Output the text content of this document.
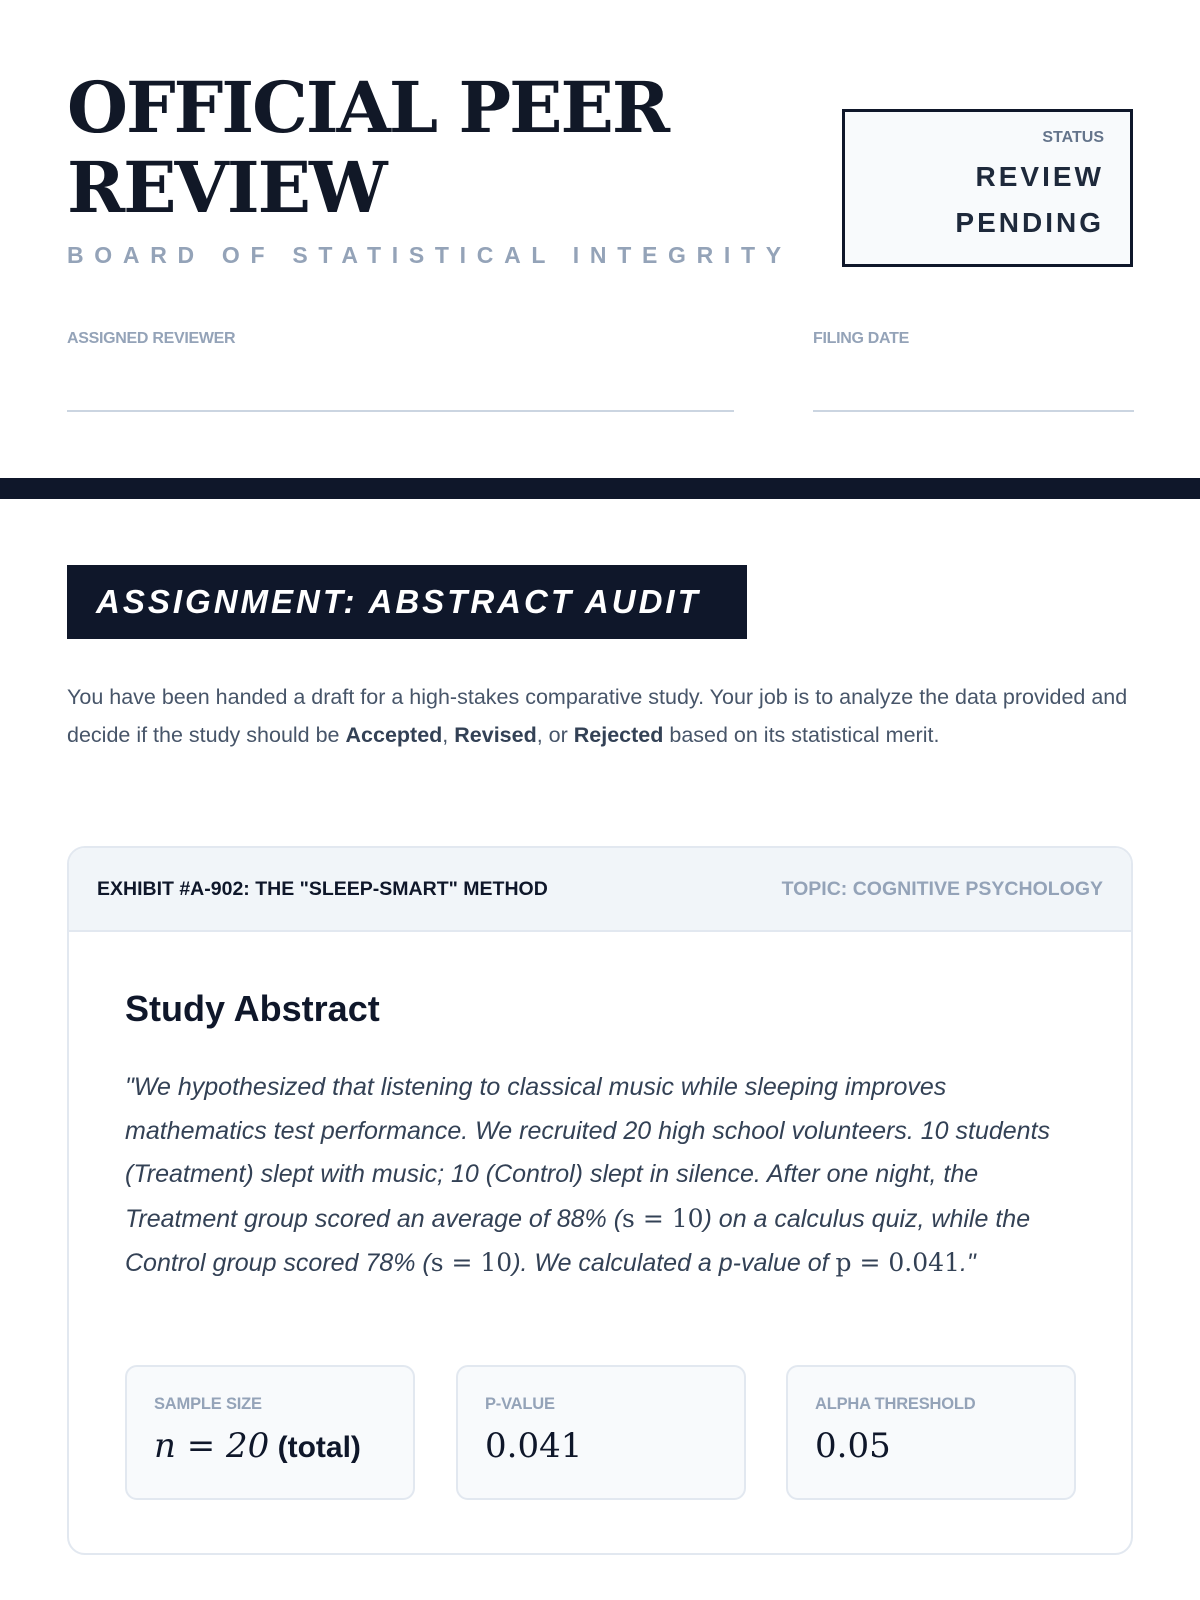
OFFICIAL PEER
REVIEW
BOARD OF STATISTICAL INTEGRITY
STATUS
REVIEW
PENDING
ASSIGNED REVIEWER	FILING DATE
ASSIGNMENT: ABSTRACT AUDIT

You have been handed a draft for a high-stakes comparative study. Your job is to analyze the data provided and decide if the study should be Accepted, Revised, or Rejected based on its statistical merit.

EXHIBIT #A-902: THE "SLEEP-SMART" METHOD	TOPIC: COGNITIVE PSYCHOLOGY
Study Abstract

"We hypothesized that listening to classical music while sleeping improves mathematics test performance. We recruited 20 high school volunteers. 10 students (Treatment) slept with music; 10 (Control) slept in silence. After one night, the Treatment group scored an average of 88% (s = 10) on a calculus quiz, while the Control group scored 78% (s = 10). We calculated a p-value of p = 0.041."

SAMPLE SIZE
n = 20 (total)
P-VALUE
0.041
ALPHA THRESHOLD
0.05
